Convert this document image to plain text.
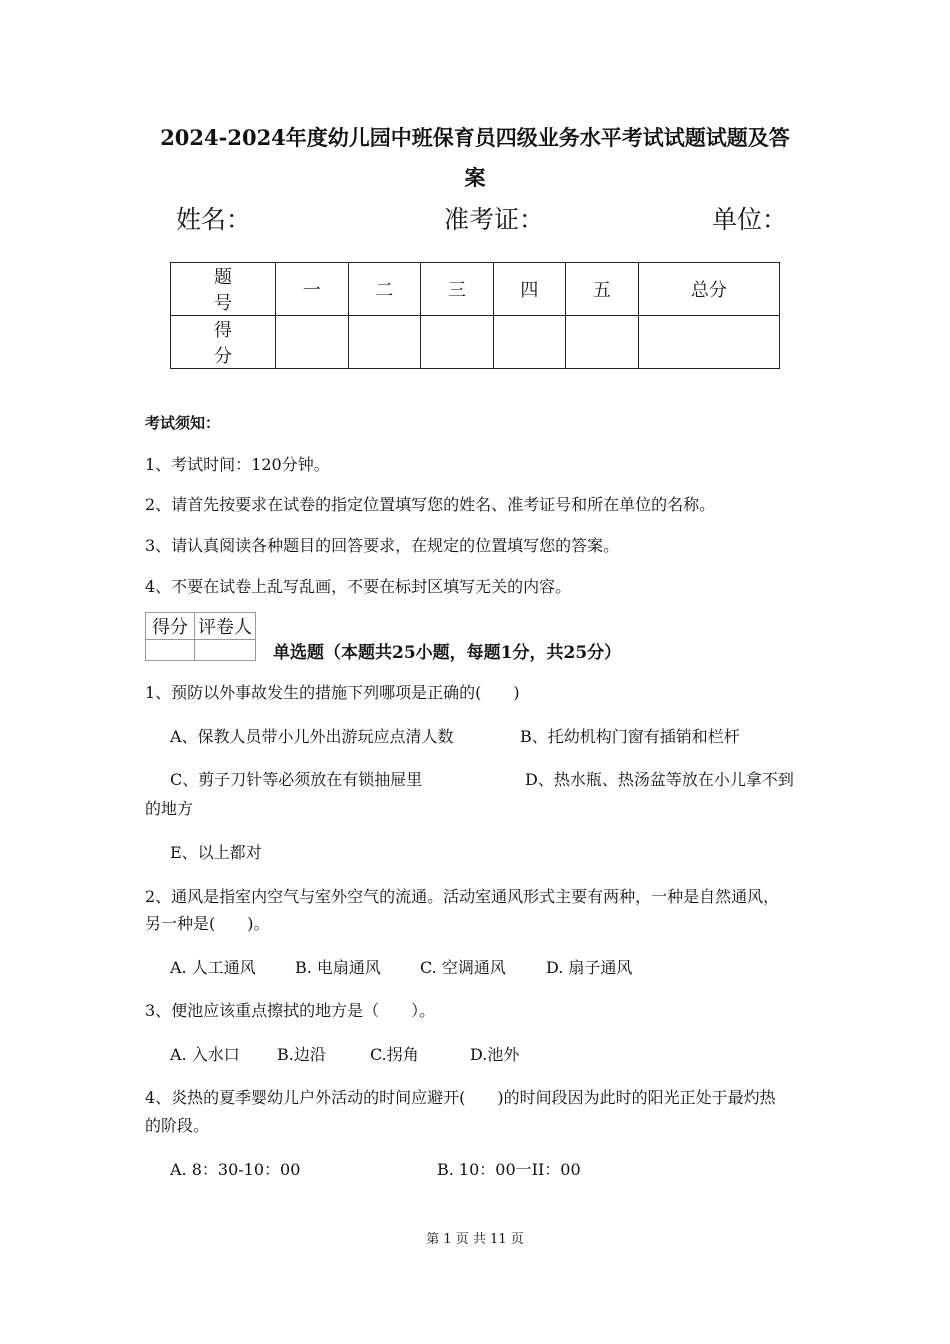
2024-2024年度幼儿园中班保育员四级业务水平考试试题试题及答
案
姓名：	准考证：	单位：
题 号	一	二	三	四	五	总分
得 分						
考试须知：
1、考试时间：120分钟。
2、请首先按要求在试卷的指定位置填写您的姓名、准考证号和所在单位的名称。
3、请认真阅读各种题目的回答要求，在规定的位置填写您的答案。
4、不要在试卷上乱写乱画，不要在标封区填写无关的内容。
得分	评卷人

单选题（本题共25小题，每题1分，共25分）
1、预防以外事故发生的措施下列哪项是正确的(　　)
A、保教人员带小儿外出游玩应点清人数	B、托幼机构门窗有插销和栏杆
C、剪子刀针等必须放在有锁抽屉里	D、热水瓶、热汤盆等放在小儿拿不到
的地方
E、以上都对
2、通风是指室内空气与室外空气的流通。活动室通风形式主要有两种，一种是自然通风，
另一种是(　　)。
A. 人工通风 B. 电扇通风 C. 空调通风	D. 扇子通风
3、便池应该重点擦拭的地方是（　　）。
A. 入水口 B.边沿	C.拐角	D.池外
4、炎热的夏季婴幼儿户外活动的时间应避开(　　)的时间段因为此时的阳光正处于最灼热
的阶段。
A. 8：30-10：00	B. 10：00一II：00
第 1 页 共 11 页
